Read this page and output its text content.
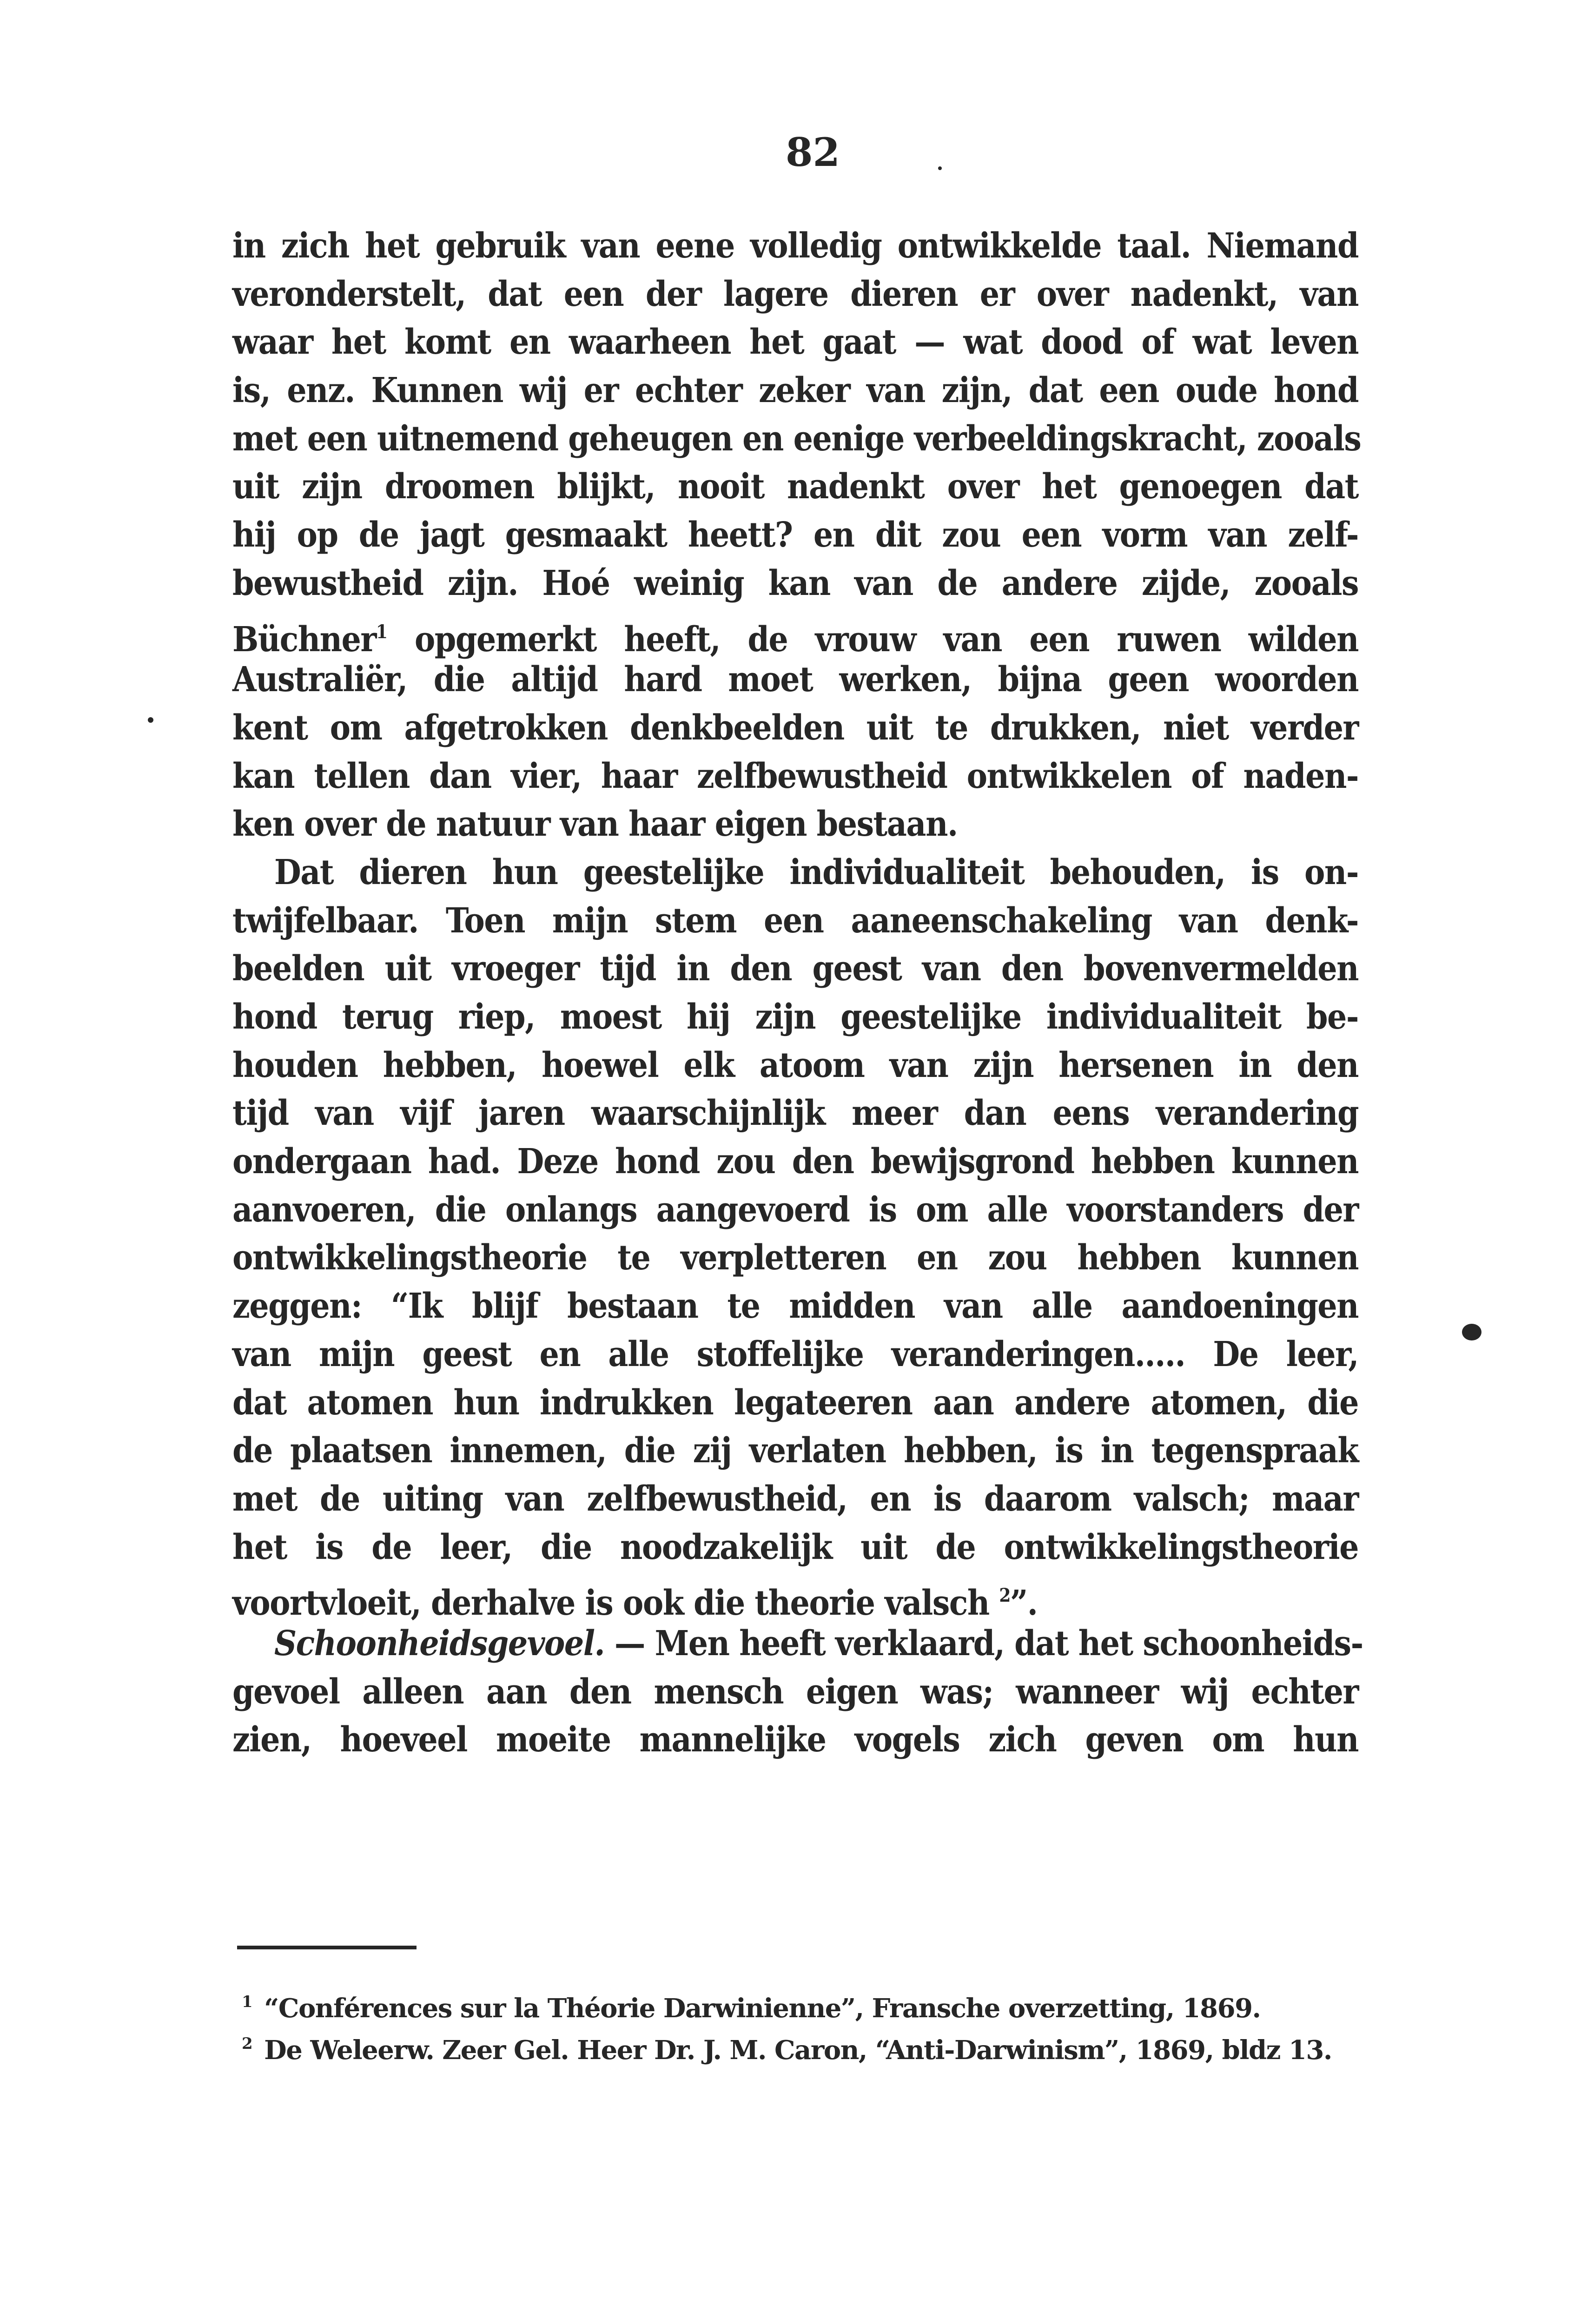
82
in zich het gebruik van eene volledig ontwikkelde taal. Niemand
veronderstelt, dat een der lagere dieren er over nadenkt, van
waar het komt en waarheen het gaat — wat dood of wat leven
is, enz. Kunnen wij er echter zeker van zijn, dat een oude hond
met een uitnemend geheugen en eenige verbeeldingskracht, zooals
uit zijn droomen blijkt, nooit nadenkt over het genoegen dat
hij op de jagt gesmaakt heett? en dit zou een vorm van zelf-
bewustheid zijn. Hoé weinig kan van de andere zijde, zooals
Büchner$^1$ opgemerkt heeft, de vrouw van een ruwen wilden
Australiër, die altijd hard moet werken, bijna geen woorden
kent om afgetrokken denkbeelden uit te drukken, niet verder
kan tellen dan vier, haar zelfbewustheid ontwikkelen of naden-
ken over de natuur van haar eigen bestaan.
Dat dieren hun geestelijke individualiteit behouden, is on-
twijfelbaar. Toen mijn stem een aaneenschakeling van denk-
beelden uit vroeger tijd in den geest van den bovenvermelden
hond terug riep, moest hij zijn geestelijke individualiteit be-
houden hebben, hoewel elk atoom van zijn hersenen in den
tijd van vijf jaren waarschijnlijk meer dan eens verandering
ondergaan had. Deze hond zou den bewijsgrond hebben kunnen
aanvoeren, die onlangs aangevoerd is om alle voorstanders der
ontwikkelingstheorie te verpletteren en zou hebben kunnen
zeggen: “Ik blijf bestaan te midden van alle aandoeningen
van mijn geest en alle stoffelijke veranderingen..... De leer,
dat atomen hun indrukken legateeren aan andere atomen, die
de plaatsen innemen, die zij verlaten hebben, is in tegenspraak
met de uiting van zelfbewustheid, en is daarom valsch; maar
het is de leer, die noodzakelijk uit de ontwikkelingstheorie
voortvloeit, derhalve is ook die theorie valsch $^2$”.
Schoonheidsgevoel. — Men heeft verklaard, dat het schoonheids-
gevoel alleen aan den mensch eigen was; wanneer wij echter
zien, hoeveel moeite mannelijke vogels zich geven om hun
$^1$ “Conférences sur la Théorie Darwinienne”, Fransche overzetting, 1869.
$^2$ De Weleerw. Zeer Gel. Heer Dr. J. M. Caron, “Anti-Darwinism”, 1869, bldz 13.
